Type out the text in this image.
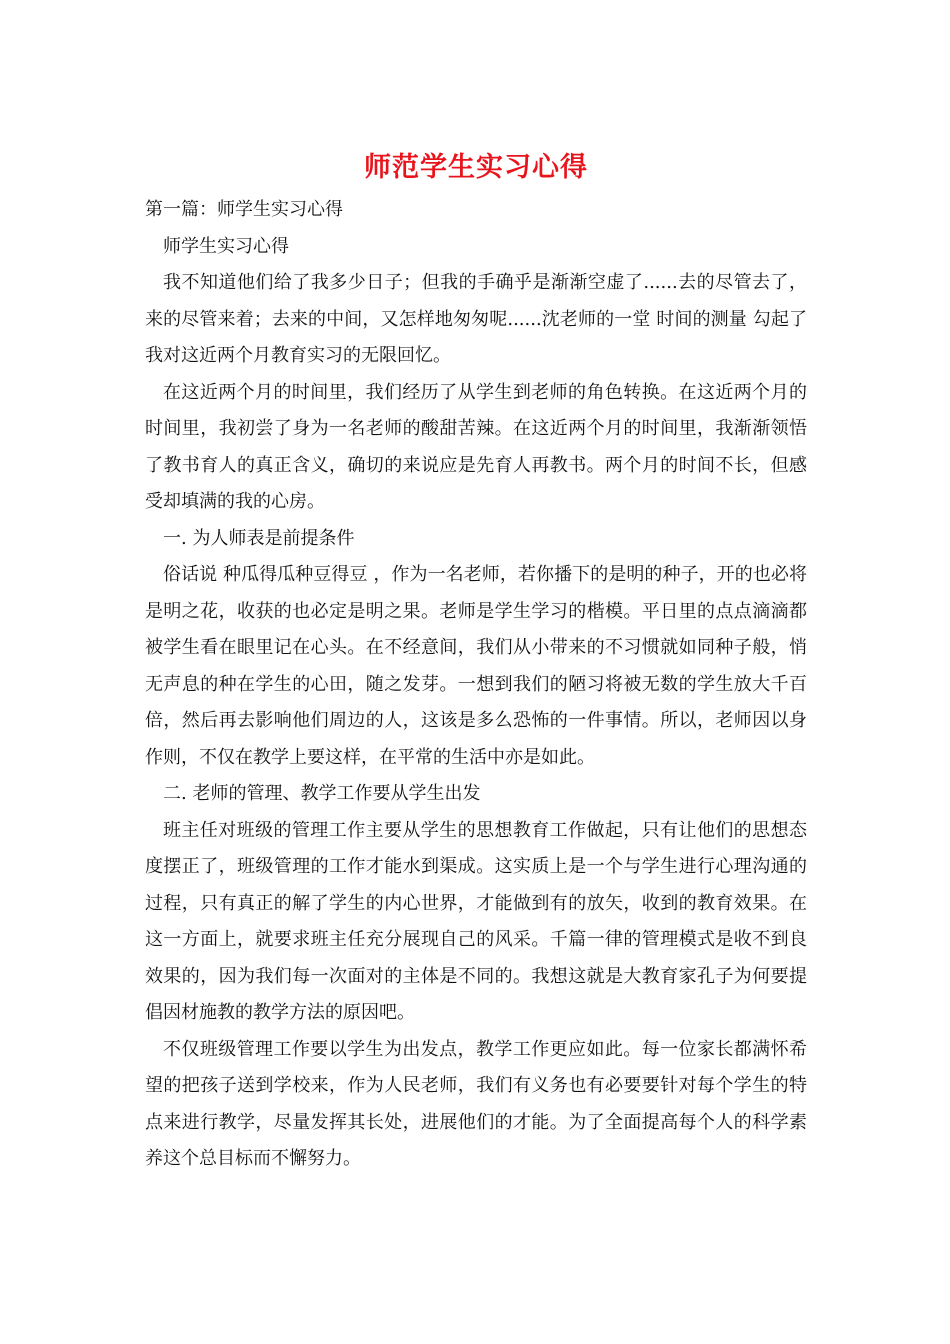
师范学生实习心得

第一篇：师学生实习心得

师学生实习心得

我不知道他们给了我多少日子；但我的手确乎是渐渐空虚了......去的尽管去了，来的尽管来着；去来的中间，又怎样地匆匆呢......沈老师的一堂 时间的测量 勾起了我对这近两个月教育实习的无限回忆。

在这近两个月的时间里，我们经历了从学生到老师的角色转换。在这近两个月的时间里，我初尝了身为一名老师的酸甜苦辣。在这近两个月的时间里，我渐渐领悟了教书育人的真正含义，确切的来说应是先育人再教书。两个月的时间不长，但感受却填满的我的心房。

一. 为人师表是前提条件

俗话说 种瓜得瓜种豆得豆 ，作为一名老师，若你播下的是明的种子，开的也必将是明之花，收获的也必定是明之果。老师是学生学习的楷模。平日里的点点滴滴都被学生看在眼里记在心头。在不经意间，我们从小带来的不习惯就如同种子般，悄无声息的种在学生的心田，随之发芽。一想到我们的陋习将被无数的学生放大千百倍，然后再去影响他们周边的人，这该是多么恐怖的一件事情。所以，老师因以身作则，不仅在教学上要这样，在平常的生活中亦是如此。

二. 老师的管理、教学工作要从学生出发

班主任对班级的管理工作主要从学生的思想教育工作做起，只有让他们的思想态度摆正了，班级管理的工作才能水到渠成。这实质上是一个与学生进行心理沟通的过程，只有真正的解了学生的内心世界，才能做到有的放矢，收到的教育效果。在这一方面上，就要求班主任充分展现自己的风采。千篇一律的管理模式是收不到良效果的，因为我们每一次面对的主体是不同的。我想这就是大教育家孔子为何要提倡因材施教的教学方法的原因吧。

不仅班级管理工作要以学生为出发点，教学工作更应如此。每一位家长都满怀希望的把孩子送到学校来，作为人民老师，我们有义务也有必要要针对每个学生的特点来进行教学，尽量发挥其长处，进展他们的才能。为了全面提高每个人的科学素养这个总目标而不懈努力。
